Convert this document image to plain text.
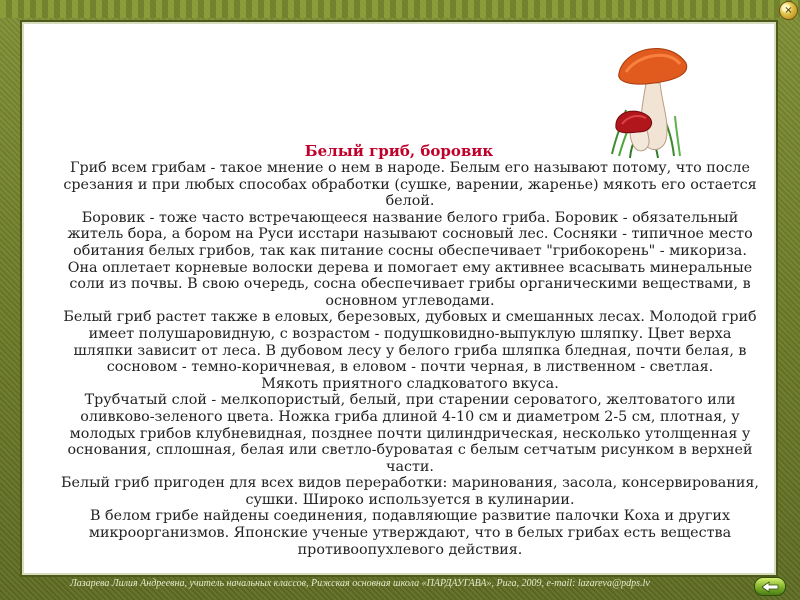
×
Белый гриб, боровик

Гриб всем грибам - такое мнение о нем в народе. Белым его называют потому, что после срезания и при любых способах обработки (сушке, варении, жаренье) мякоть его остается белой.

Боровик - тоже часто встречающееся название белого гриба. Боровик - обязательный житель бора, а бором на Руси исстари называют сосновый лес. Сосняки - типичное место обитания белых грибов, так как питание сосны обеспечивает "грибокорень" - микориза. Она оплетает корневые волоски дерева и помогает ему активнее всасывать минеральные соли из почвы. В свою очередь, сосна обеспечивает грибы органическими веществами, в основном углеводами.

Белый гриб растет также в еловых, березовых, дубовых и смешанных лесах. Молодой гриб имеет полушаровидную, с возрастом - подушковидно-выпуклую шляпку. Цвет верха шляпки зависит от леса. В дубовом лесу у белого гриба шляпка бледная, почти белая, в сосновом - темно-коричневая, в еловом - почти черная, в лиственном - светлая.

Мякоть приятного сладковатого вкуса.

Трубчатый слой - мелкопористый, белый, при старении сероватого, желтоватого или оливково-зеленого цвета. Ножка гриба длиной 4-10 см и диаметром 2-5 см, плотная, у молодых грибов клубневидная, позднее почти цилиндрическая, несколько утолщенная у основания, сплошная, белая или светло-буроватая с белым сетчатым рисунком в верхней части.

Белый гриб пригоден для всех видов переработки: маринования, засола, консервирования, сушки. Широко используется в кулинарии.

В белом грибе найдены соединения, подавляющие развитие палочки Коха и других микроорганизмов. Японские ученые утверждают, что в белых грибах есть вещества противоопухлевого действия.

Лазарева Лилия Андреевна, учитель начальных классов, Рижская основная школа «ПАРДАУГАВА», Рига, 2009, e-mail: lazareva@pdps.lv
